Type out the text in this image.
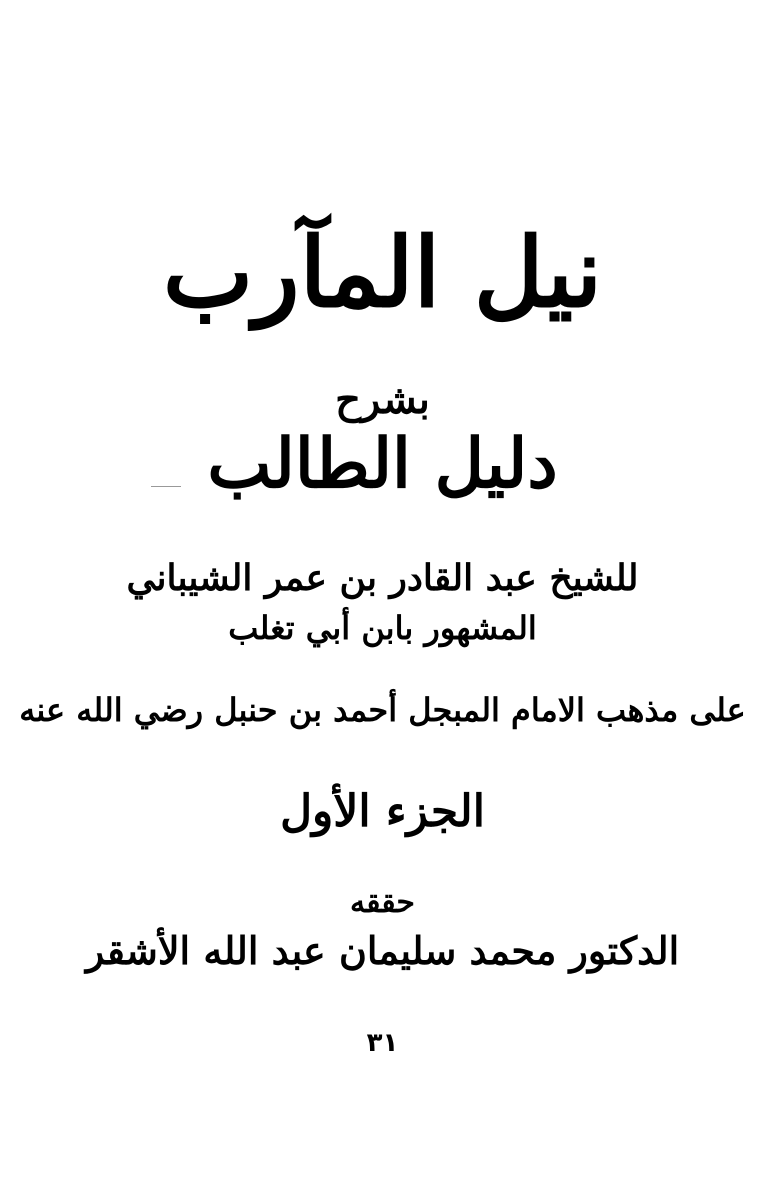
نيل المآرب
بشرح
دليل الطالب
للشيخ عبد القادر بن عمر الشيباني
المشهور بابن أبي تغلب
على مذهب الامام المبجل أحمد بن حنبل رضي الله عنه
الجزء الأول
حققه
الدكتور محمد سليمان عبد الله الأشقر
٣١
